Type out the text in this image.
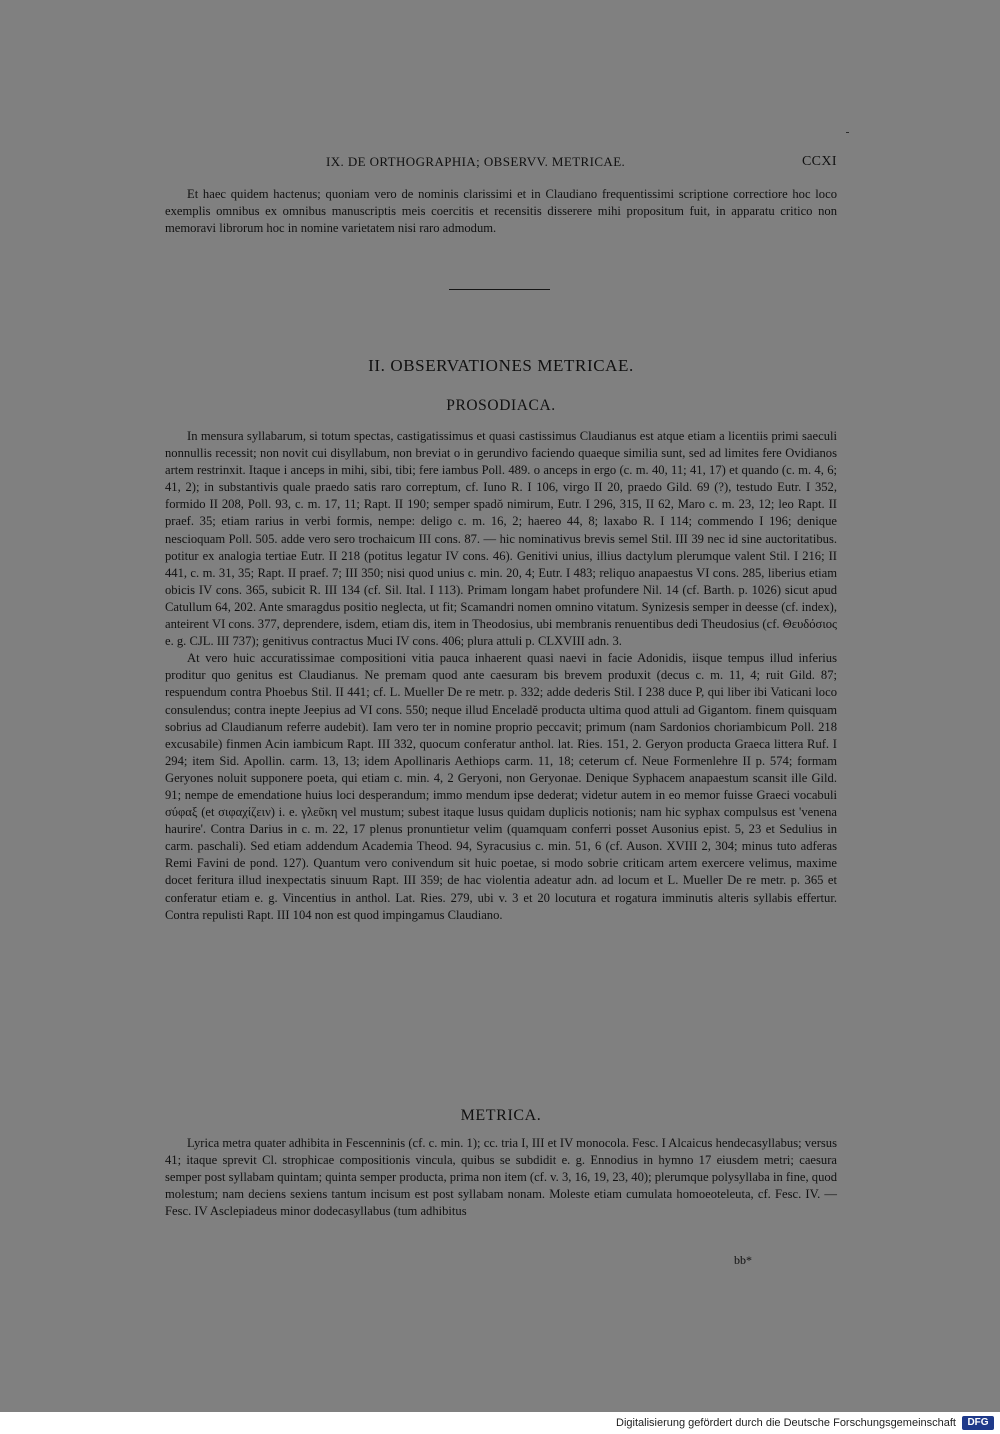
IX. DE ORTHOGRAPHIA; OBSERVV. METRICAE.	CCXI

Et haec quidem hactenus; quoniam vero de nominis clarissimi et in Claudiano frequentissimi scriptione correctiore hoc loco exemplis omnibus ex omnibus manuscriptis meis coercitis et recensitis disserere mihi propositum fuit, in apparatu critico non memoravi librorum hoc in nomine varietatem nisi raro admodum.

II. OBSERVATIONES METRICAE.
PROSODIACA.

In mensura syllabarum, si totum spectas, castigatissimus et quasi castissimus Claudianus est atque etiam a licentiis primi saeculi nonnullis recessit; non novit cui disyllabum, non breviat o in gerundivo faciendo quaeque similia sunt, sed ad limites fere Ovidianos artem restrinxit. Itaque i anceps in mihi, sibi, tibi; fere iambus Poll. 489. o anceps in ergo (c. m. 40, 11; 41, 17) et quando (c. m. 4, 6; 41, 2); in substantivis quale praedo satis raro correptum, cf. Iuno R. I 106, virgo II 20, praedo Gild. 69 (?), testudo Eutr. I 352, formido II 208, Poll. 93, c. m. 17, 11; Rapt. II 190; semper spadŏ nimirum, Eutr. I 296, 315, II 62, Maro c. m. 23, 12; leo Rapt. II praef. 35; etiam rarius in verbi formis, nempe: deligo c. m. 16, 2; haereo 44, 8; laxabo R. I 114; commendo I 196; denique nescioquam Poll. 505. adde vero sero trochaicum III cons. 87. — hic nominativus brevis semel Stil. III 39 nec id sine auctoritatibus. potitur ex analogia tertiae Eutr. II 218 (potitus legatur IV cons. 46). Genitivi unius, illius dactylum plerumque valent Stil. I 216; II 441, c. m. 31, 35; Rapt. II praef. 7; III 350; nisi quod unius c. min. 20, 4; Eutr. I 483; reliquo anapaestus VI cons. 285, liberius etiam obicis IV cons. 365, subicit R. III 134 (cf. Sil. Ital. I 113). Primam longam habet profundere Nil. 14 (cf. Barth. p. 1026) sicut apud Catullum 64, 202. Ante smaragdus positio neglecta, ut fit; Scamandri nomen omnino vitatum. Synizesis semper in deesse (cf. index), anteirent VI cons. 377, deprendere, isdem, etiam dis, item in Theodosius, ubi membranis renuentibus dedi Theudosius (cf. Θευδόσιος e. g. CJL. III 737); genitivus contractus Muci IV cons. 406; plura attuli p. CLXVIII adn. 3.

At vero huic accuratissimae compositioni vitia pauca inhaerent quasi naevi in facie Adonidis, iisque tempus illud inferius proditur quo genitus est Claudianus. Ne premam quod ante caesuram bis brevem produxit (decus c. m. 11, 4; ruit Gild. 87; respuendum contra Phoebus Stil. II 441; cf. L. Mueller De re metr. p. 332; adde dederis Stil. I 238 duce P, qui liber ibi Vaticani loco consulendus; contra inepte Jeepius ad VI cons. 550; neque illud Enceladĕ producta ultima quod attuli ad Gigantom. finem quisquam sobrius ad Claudianum referre audebit). Iam vero ter in nomine proprio peccavit; primum (nam Sardonios choriambicum Poll. 218 excusabile) finmen Acin iambicum Rapt. III 332, quocum conferatur anthol. lat. Ries. 151, 2. Geryon producta Graeca littera Ruf. I 294; item Sid. Apollin. carm. 13, 13; idem Apollinaris Aethiops carm. 11, 18; ceterum cf. Neue Formenlehre II p. 574; formam Geryones noluit supponere poeta, qui etiam c. min. 4, 2 Geryoni, non Geryonae. Denique Syphacem anapaestum scansit ille Gild. 91; nempe de emendatione huius loci desperandum; immo mendum ipse dederat; videtur autem in eo memor fuisse Graeci vocabuli σύφαξ (et σιφαχίζειν) i. e. γλεῦκη vel mustum; subest itaque lusus quidam duplicis notionis; nam hic syphax compulsus est 'venena haurire'. Contra Darius in c. m. 22, 17 plenus pronuntietur velim (quamquam conferri posset Ausonius epist. 5, 23 et Sedulius in carm. paschali). Sed etiam addendum Academia Theod. 94, Syracusius c. min. 51, 6 (cf. Auson. XVIII 2, 304; minus tuto adferas Remi Favini de pond. 127). Quantum vero conivendum sit huic poetae, si modo sobrie criticam artem exercere velimus, maxime docet feritura illud inexpectatis sinuum Rapt. III 359; de hac violentia adeatur adn. ad locum et L. Mueller De re metr. p. 365 et conferatur etiam e. g. Vincentius in anthol. Lat. Ries. 279, ubi v. 3 et 20 locutura et rogatura imminutis alteris syllabis effertur. Contra repulisti Rapt. III 104 non est quod impingamus Claudiano.

METRICA.

Lyrica metra quater adhibita in Fescenninis (cf. c. min. 1); cc. tria I, III et IV monocola. Fesc. I Alcaicus hendecasyllabus; versus 41; itaque sprevit Cl. strophicae compositionis vincula, quibus se subdidit e. g. Ennodius in hymno 17 eiusdem metri; caesura semper post syllabam quintam; quinta semper producta, prima non item (cf. v. 3, 16, 19, 23, 40); plerumque polysyllaba in fine, quod molestum; nam deciens sexiens tantum incisum est post syllabam nonam. Moleste etiam cumulata homoeoteleuta, cf. Fesc. IV. — Fesc. IV Asclepiadeus minor dodecasyllabus (tum adhibitus

bb*
Digitalisierung gefördert durch die Deutsche Forschungsgemeinschaft	DFG
